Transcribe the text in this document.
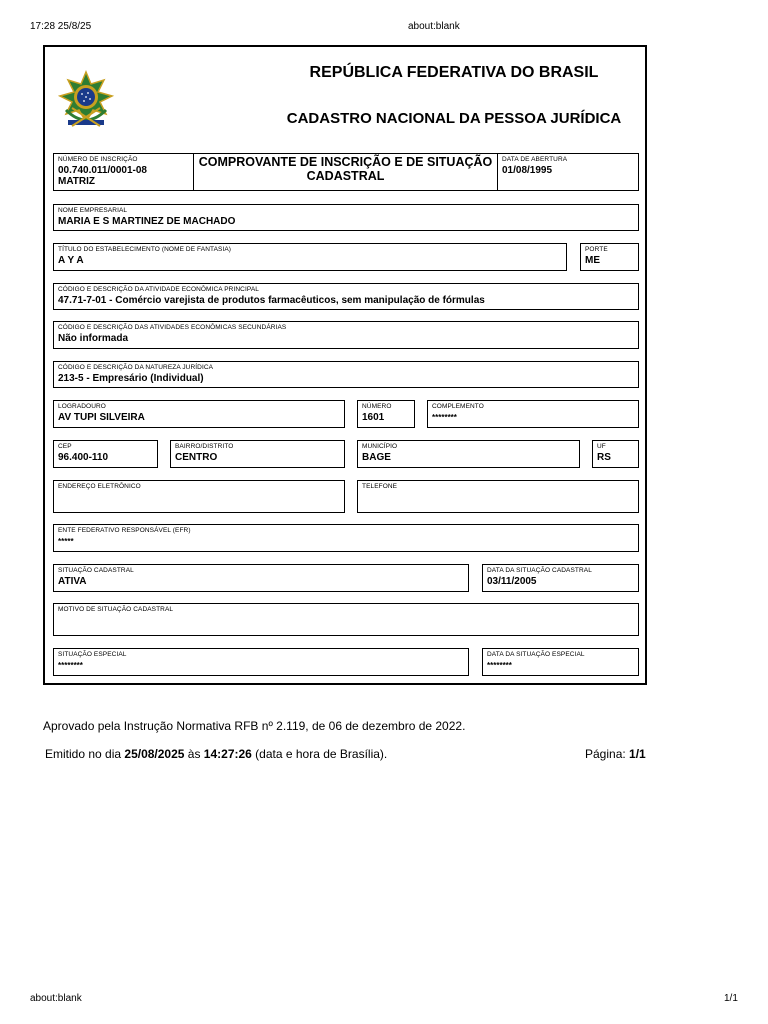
17:28 25/8/25	about:blank
about:blank	1/1
REPÚBLICA FEDERATIVA DO BRASIL
CADASTRO NACIONAL DA PESSOA JURÍDICA
NÚMERO DE INSCRIÇÃO
00.740.011/0001-08
MATRIZ
COMPROVANTE DE INSCRIÇÃO E DE SITUAÇÃO
CADASTRAL
DATA DE ABERTURA
01/08/1995
NOME EMPRESARIAL
MARIA E S MARTINEZ DE MACHADO
TÍTULO DO ESTABELECIMENTO (NOME DE FANTASIA)
A Y A
PORTE
ME
CÓDIGO E DESCRIÇÃO DA ATIVIDADE ECONÔMICA PRINCIPAL
47.71-7-01 - Comércio varejista de produtos farmacêuticos, sem manipulação de fórmulas
CÓDIGO E DESCRIÇÃO DAS ATIVIDADES ECONÔMICAS SECUNDÁRIAS
Não informada
CÓDIGO E DESCRIÇÃO DA NATUREZA JURÍDICA
213-5 - Empresário (Individual)
LOGRADOURO
AV TUPI SILVEIRA
NÚMERO
1601
COMPLEMENTO
********
CEP
96.400-110
BAIRRO/DISTRITO
CENTRO
MUNICÍPIO
BAGE
UF
RS
ENDEREÇO ELETRÔNICO	TELEFONE
ENTE FEDERATIVO RESPONSÁVEL (EFR)
*****
SITUAÇÃO CADASTRAL
ATIVA
DATA DA SITUAÇÃO CADASTRAL
03/11/2005
MOTIVO DE SITUAÇÃO CADASTRAL
SITUAÇÃO ESPECIAL
********
DATA DA SITUAÇÃO ESPECIAL
********
Aprovado pela Instrução Normativa RFB nº 2.119, de 06 de dezembro de 2022.
Emitido no dia 25/08/2025 às 14:27:26 (data e hora de Brasília).	Página: 1/1
